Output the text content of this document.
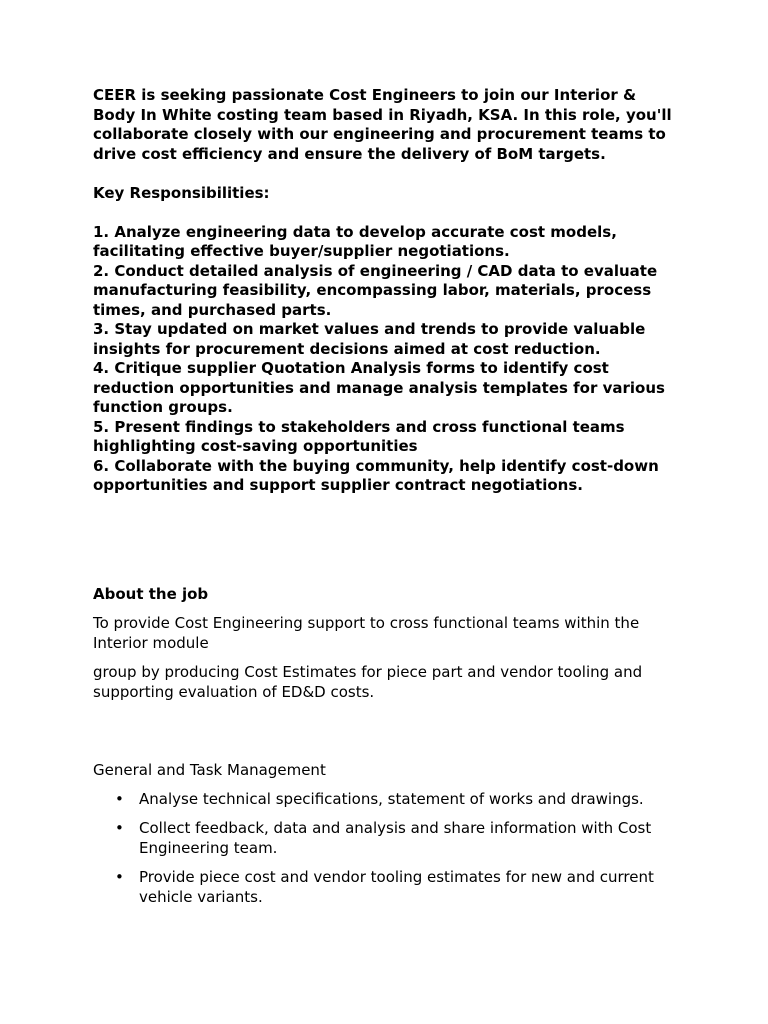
CEER is seeking passionate Cost Engineers to join our Interior & Body In White costing team based in Riyadh, KSA. In this role, you'll collaborate closely with our engineering and procurement teams to drive cost efficiency and ensure the delivery of BoM targets.

Key Responsibilities:

1. Analyze engineering data to develop accurate cost models, facilitating effective buyer/supplier negotiations.
2. Conduct detailed analysis of engineering / CAD data to evaluate manufacturing feasibility, encompassing labor, materials, process times, and purchased parts.
3. Stay updated on market values and trends to provide valuable insights for procurement decisions aimed at cost reduction.
4. Critique supplier Quotation Analysis forms to identify cost reduction opportunities and manage analysis templates for various function groups.
5. Present findings to stakeholders and cross functional teams highlighting cost-saving opportunities
6. Collaborate with the buying community, help identify cost-down opportunities and support supplier contract negotiations.

About the job

To provide Cost Engineering support to cross functional teams within the Interior module

group by producing Cost Estimates for piece part and vendor tooling and supporting evaluation of ED&D costs.

General and Task Management

• Analyse technical specifications, statement of works and drawings.
• Collect feedback, data and analysis and share information with Cost Engineering team.
• Provide piece cost and vendor tooling estimates for new and current vehicle variants.
